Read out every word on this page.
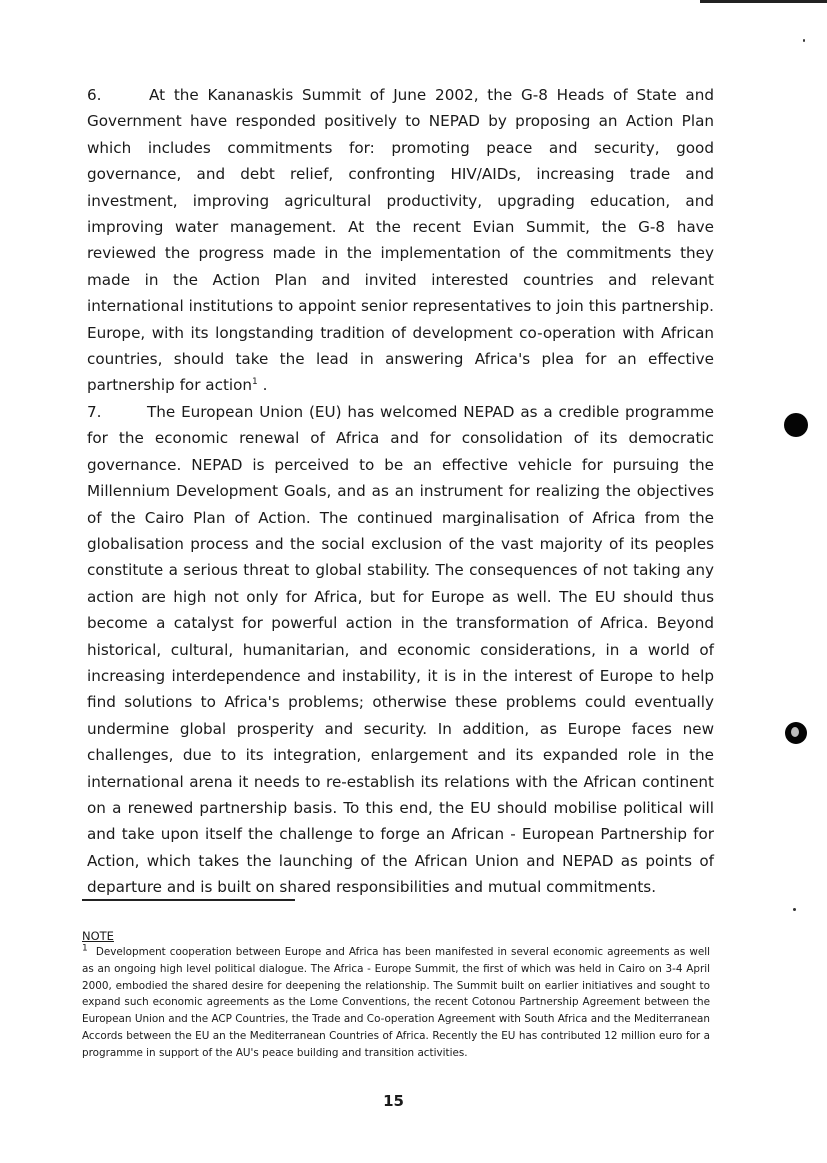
6.	At the Kananaskis Summit of June 2002, the G-8 Heads of State and Government have responded positively to NEPAD by proposing an Action Plan which includes commitments for: promoting peace and security, good governance, and debt relief, confronting HIV/AIDs, increasing trade and investment, improving agricultural productivity, upgrading education, and improving water management. At the recent Evian Summit, the G-8 have reviewed the progress made in the implementation of the commitments they made in the Action Plan and invited interested countries and relevant international institutions to appoint senior representatives to join this partnership. Europe, with its longstanding tradition of development co-operation with African countries, should take the lead in answering Africa's plea for an effective partnership for action$^1$ .

7.	The European Union (EU) has welcomed NEPAD as a credible programme for the economic renewal of Africa and for consolidation of its democratic governance. NEPAD is perceived to be an effective vehicle for pursuing the Millennium Development Goals, and as an instrument for realizing the objectives of the Cairo Plan of Action. The continued marginalisation of Africa from the globalisation process and the social exclusion of the vast majority of its peoples constitute a serious threat to global stability. The consequences of not taking any action are high not only for Africa, but for Europe as well. The EU should thus become a catalyst for powerful action in the transformation of Africa. Beyond historical, cultural, humanitarian, and economic considerations, in a world of increasing interdependence and instability, it is in the interest of Europe to help find solutions to Africa's problems; otherwise these problems could eventually undermine global prosperity and security. In addition, as Europe faces new challenges, due to its integration, enlargement and its expanded role in the international arena it needs to re-establish its relations with the African continent on a renewed partnership basis. To this end, the EU should mobilise political will and take upon itself the challenge to forge an African - European Partnership for Action, which takes the launching of the African Union and NEPAD as points of departure and is built on shared responsibilities and mutual commitments.

NOTE
$^1$ Development cooperation between Europe and Africa has been manifested in several economic agreements as well as an ongoing high level political dialogue. The Africa - Europe Summit, the first of which was held in Cairo on 3-4 April 2000, embodied the shared desire for deepening the relationship. The Summit built on earlier initiatives and sought to expand such economic agreements as the Lome Conventions, the recent Cotonou Partnership Agreement between the European Union and the ACP Countries, the Trade and Co-operation Agreement with South Africa and the Mediterranean Accords between the EU an the Mediterranean Countries of Africa. Recently the EU has contributed 12 million euro for a programme in support of the AU's peace building and transition activities.
15
